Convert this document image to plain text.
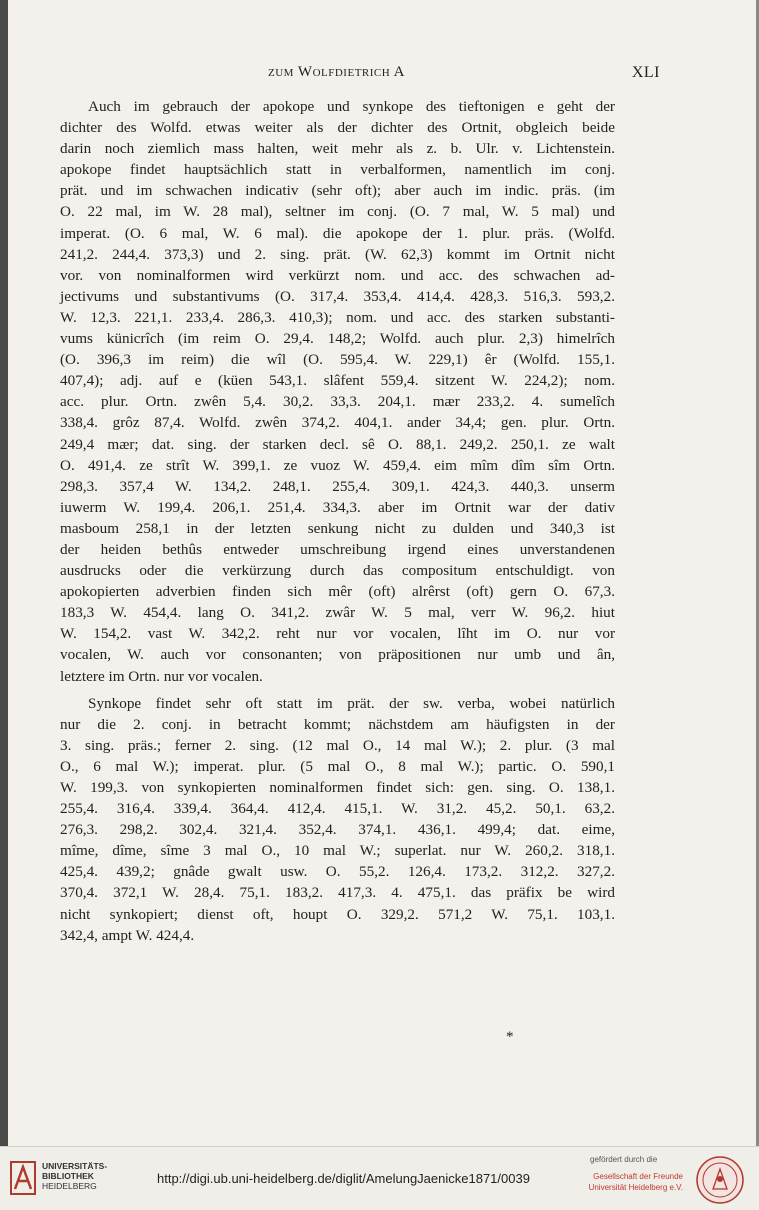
zum Wolfdietrich A	XLI
Auch im gebrauch der apokope und synkope des tieftonigen e geht der
dichter des Wolfd. etwas weiter als der dichter des Ortnit, obgleich beide
darin noch ziemlich mass halten, weit mehr als z. b. Ulr. v. Lichtenstein.
apokope findet hauptsächlich statt in verbalformen, namentlich im conj.
prät. und im schwachen indicativ (sehr oft); aber auch im indic. präs. (im
O. 22 mal, im W. 28 mal), seltner im conj. (O. 7 mal, W. 5 mal) und
imperat. (O. 6 mal, W. 6 mal). die apokope der 1. plur. präs. (Wolfd.
241,2. 244,4. 373,3) und 2. sing. prät. (W. 62,3) kommt im Ortnit nicht
vor. von nominalformen wird verkürzt nom. und acc. des schwachen ad-
jectivums und substantivums (O. 317,4. 353,4. 414,4. 428,3. 516,3. 593,2.
W. 12,3. 221,1. 233,4. 286,3. 410,3); nom. und acc. des starken substanti-
vums künicrîch (im reim O. 29,4. 148,2; Wolfd. auch plur. 2,3) himelrîch
(O. 396,3 im reim) die wîl (O. 595,4. W. 229,1) êr (Wolfd. 155,1.
407,4); adj. auf e (küen 543,1. slâfent 559,4. sitzent W. 224,2); nom.
acc. plur. Ortn. zwên 5,4. 30,2. 33,3. 204,1. mær 233,2. 4. sumelîch
338,4. grôz 87,4. Wolfd. zwên 374,2. 404,1. ander 34,4; gen. plur. Ortn.
249,4 mær; dat. sing. der starken decl. sê O. 88,1. 249,2. 250,1. ze walt
O. 491,4. ze strît W. 399,1. ze vuoz W. 459,4. eim mîm dîm sîm Ortn.
298,3. 357,4 W. 134,2. 248,1. 255,4. 309,1. 424,3. 440,3. unserm
iuwerm W. 199,4. 206,1. 251,4. 334,3. aber im Ortnit war der dativ
masboum 258,1 in der letzten senkung nicht zu dulden und 340,3 ist
der heiden bethûs entweder umschreibung irgend eines unverstandenen
ausdrucks oder die verkürzung durch das compositum entschuldigt. von
apokopierten adverbien finden sich mêr (oft) alrêrst (oft) gern O. 67,3.
183,3 W. 454,4. lang O. 341,2. zwâr W. 5 mal, verr W. 96,2. hiut
W. 154,2. vast W. 342,2. reht nur vor vocalen, lîht im O. nur vor
vocalen, W. auch vor consonanten; von präpositionen nur umb und ân,
letztere im Ortn. nur vor vocalen.
Synkope findet sehr oft statt im prät. der sw. verba, wobei natürlich
nur die 2. conj. in betracht kommt; nächstdem am häufigsten in der
3. sing. präs.; ferner 2. sing. (12 mal O., 14 mal W.); 2. plur. (3 mal
O., 6 mal W.); imperat. plur. (5 mal O., 8 mal W.); partic. O. 590,1
W. 199,3. von synkopierten nominalformen findet sich: gen. sing. O. 138,1.
255,4. 316,4. 339,4. 364,4. 412,4. 415,1. W. 31,2. 45,2. 50,1. 63,2.
276,3. 298,2. 302,4. 321,4. 352,4. 374,1. 436,1. 499,4; dat. eime,
mîme, dîme, sîme 3 mal O., 10 mal W.; superlat. nur W. 260,2. 318,1.
425,4. 439,2; gnâde gwalt usw. O. 55,2. 126,4. 173,2. 312,2. 327,2.
370,4. 372,1 W. 28,4. 75,1. 183,2. 417,3. 4. 475,1. das präfix be wird
nicht synkopiert; dienst oft, houpt O. 329,2. 571,2 W. 75,1. 103,1.
342,4, ampt W. 424,4.
*
UNIVERSITÄTS-
BIBLIOTHEK
HEIDELBERG	http://digi.ub.uni-heidelberg.de/diglit/AmelungJaenicke1871/0039
gefördert durch die
Gesellschaft der Freunde
Universität Heidelberg e.V.
